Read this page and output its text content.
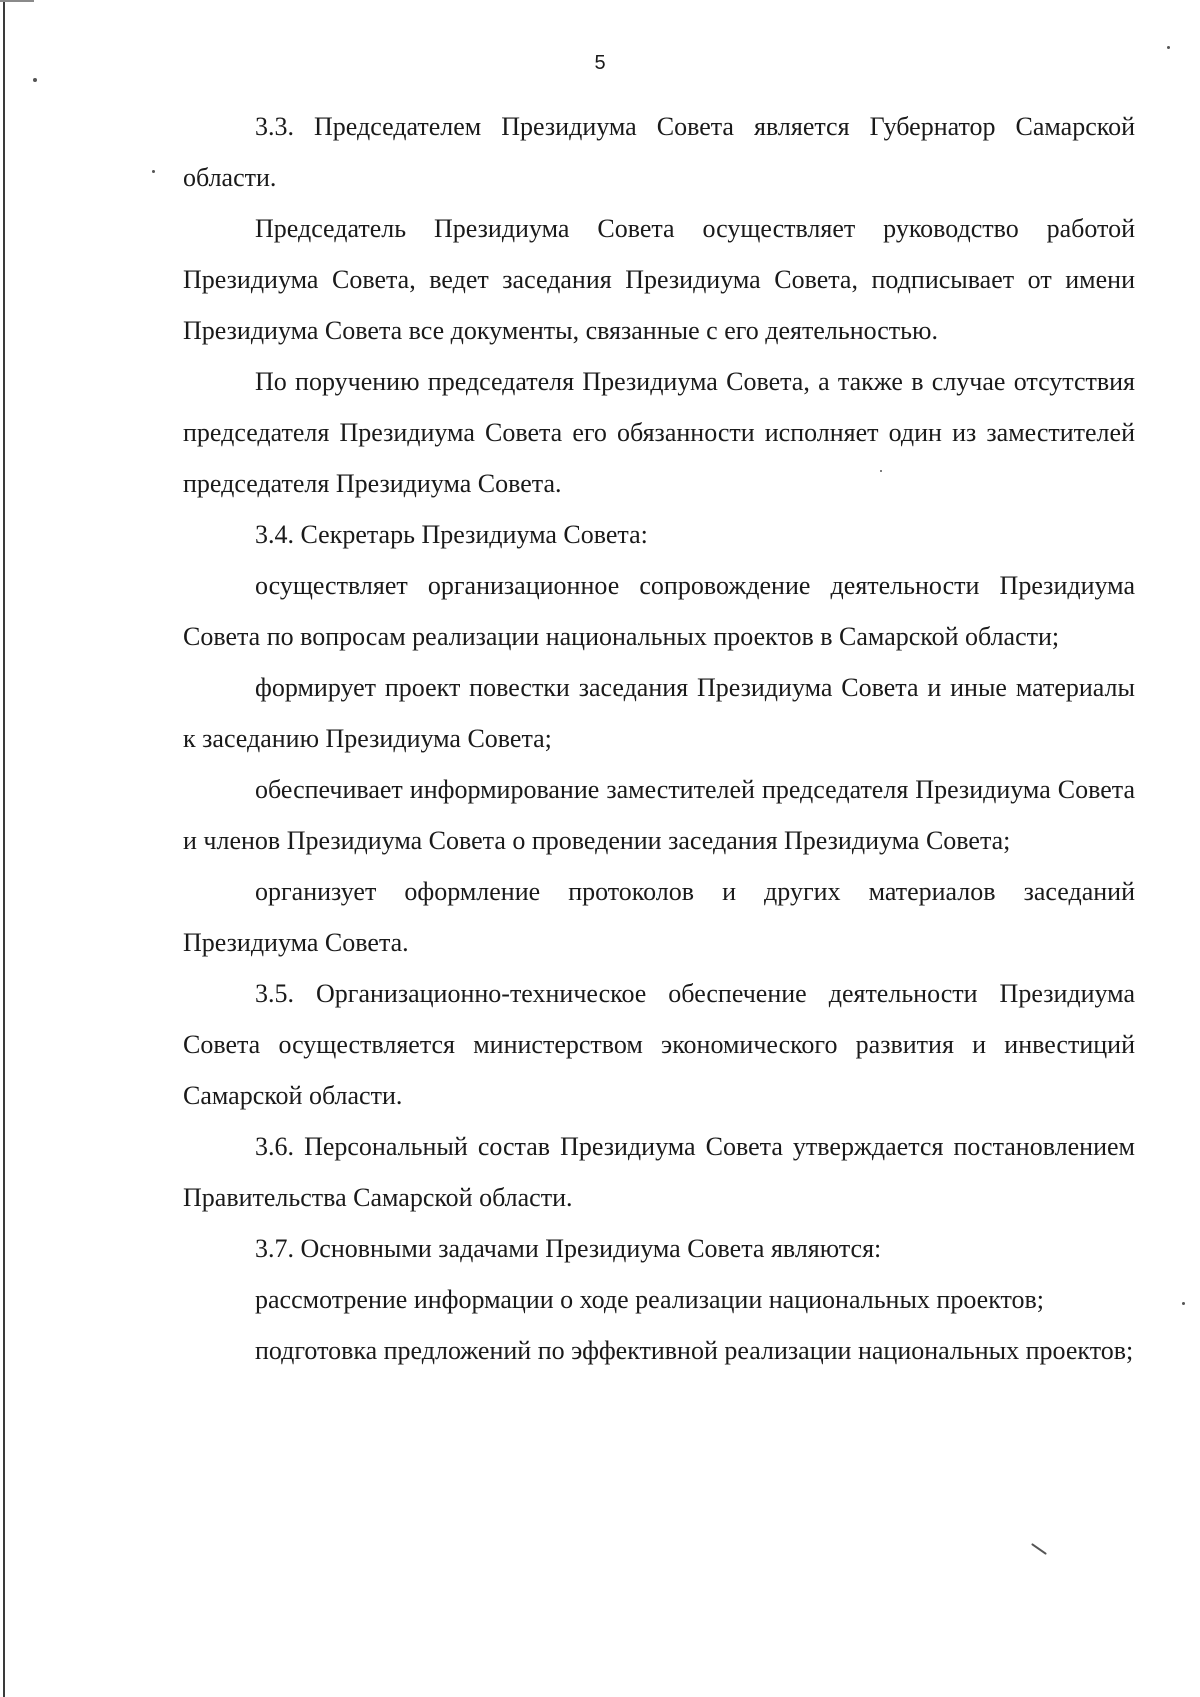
5

3.3. Председателем Президиума Совета является Губернатор Самарской области.

Председатель Президиума Совета осуществляет руководство работой Президиума Совета, ведет заседания Президиума Совета, подписывает от имени Президиума Совета все документы, связанные с его деятельностью.

По поручению председателя Президиума Совета, а также в случае отсутствия председателя Президиума Совета его обязанности исполняет один из заместителей председателя Президиума Совета.

3.4. Секретарь Президиума Совета:

осуществляет организационное сопровождение деятельности Президиума Совета по вопросам реализации национальных проектов в Самарской области;

формирует проект повестки заседания Президиума Совета и иные материалы к заседанию Президиума Совета;

обеспечивает информирование заместителей председателя Президиума Совета и членов Президиума Совета о проведении заседания Президиума Совета;

организует оформление протоколов и других материалов заседаний Президиума Совета.

3.5. Организационно-техническое обеспечение деятельности Президиума Совета осуществляется министерством экономического развития и инвестиций Самарской области.

3.6. Персональный состав Президиума Совета утверждается постановлением Правительства Самарской области.

3.7. Основными задачами Президиума Совета являются:

рассмотрение информации о ходе реализации национальных проектов;

подготовка предложений по эффективной реализации национальных проектов;
